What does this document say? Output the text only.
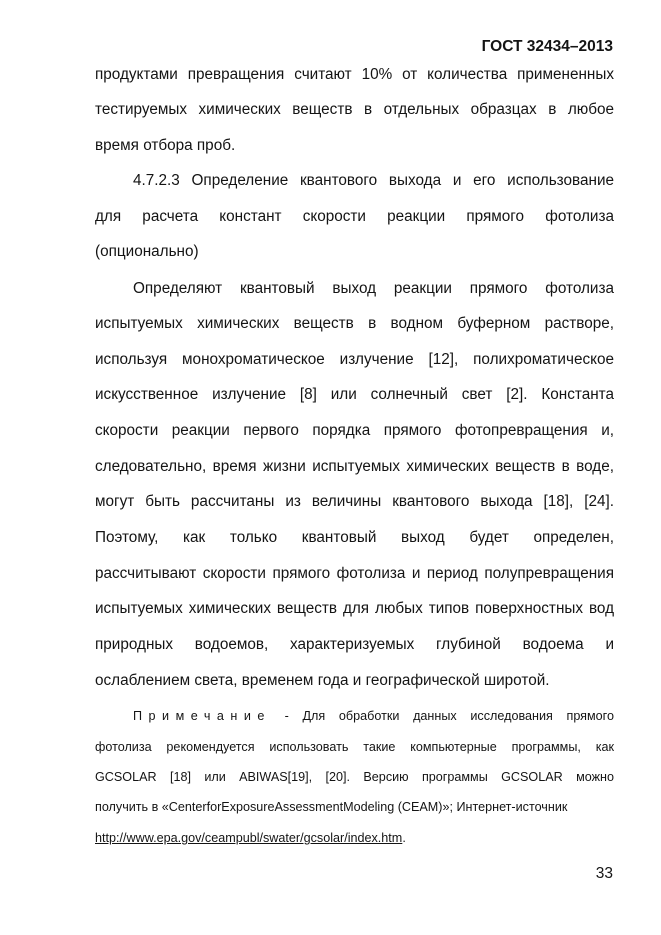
ГОСТ 32434–2013
продуктами превращения считают 10% от количества примененных
тестируемых химических веществ в отдельных образцах в любое
время отбора проб.
4.7.2.3 Определение квантового выхода и его использование
для расчета констант скорости реакции прямого фотолиза
(опционально)
Определяют квантовый выход реакции прямого фотолиза
испытуемых химических веществ в водном буферном растворе,
используя монохроматическое излучение [12], полихроматическое
искусственное излучение [8] или солнечный свет [2]. Константа
скорости реакции первого порядка прямого фотопревращения и,
следовательно, время жизни испытуемых химических веществ в воде,
могут быть рассчитаны из величины квантового выхода [18], [24].
Поэтому, как только квантовый выход будет определен,
рассчитывают скорости прямого фотолиза и период полупревращения
испытуемых химических веществ для любых типов поверхностных вод
природных водоемов, характеризуемых глубиной водоема и
ослаблением света, временем года и географической широтой.
Примечание - Для обработки данных исследования прямого
фотолиза рекомендуется использовать такие компьютерные программы, как
GCSOLAR [18] или ABIWAS[19], [20]. Версию программы GCSOLAR можно
получить в «CenterforExposureAssessmentModeling (CEAM)»; Интернет-источник
http://www.epa.gov/ceampubl/swater/gcsolar/index.htm.
33
